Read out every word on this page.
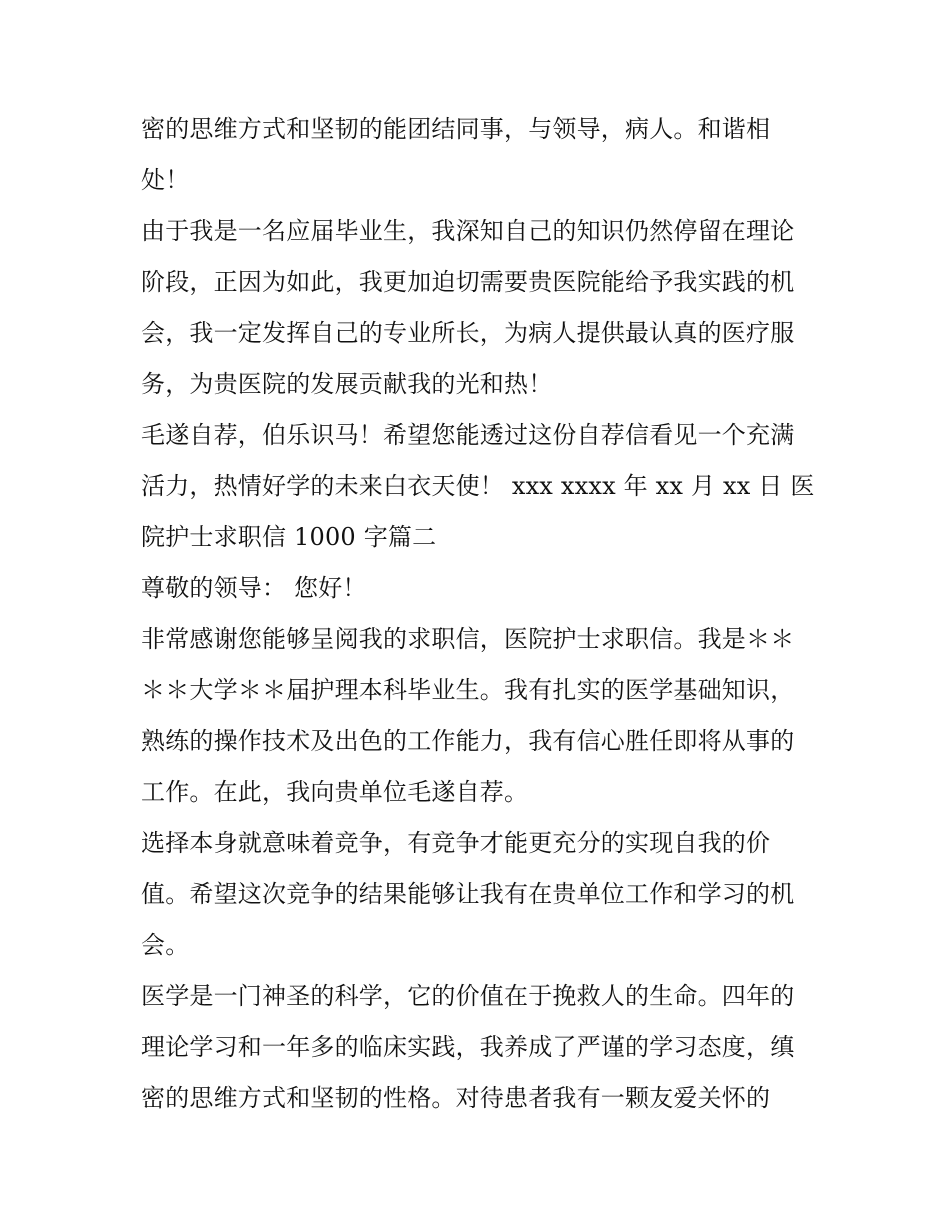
密的思维方式和坚韧的能团结同事，与领导，病人。和谐相
处！
由于我是一名应届毕业生，我深知自己的知识仍然停留在理论
阶段，正因为如此，我更加迫切需要贵医院能给予我实践的机
会，我一定发挥自己的专业所长，为病人提供最认真的医疗服
务，为贵医院的发展贡献我的光和热！
毛遂自荐，伯乐识马！希望您能透过这份自荐信看见一个充满
活力，热情好学的未来白衣天使！ xxx xxxx 年 xx 月 xx 日 医
院护士求职信 1000 字篇二
尊敬的领导： 您好！
非常感谢您能够呈阅我的求职信，医院护士求职信。我是＊＊
＊＊大学＊＊届护理本科毕业生。我有扎实的医学基础知识，
熟练的操作技术及出色的工作能力，我有信心胜任即将从事的
工作。在此，我向贵单位毛遂自荐。
选择本身就意味着竞争，有竞争才能更充分的实现自我的价
值。希望这次竞争的结果能够让我有在贵单位工作和学习的机
会。
医学是一门神圣的科学，它的价值在于挽救人的生命。四年的
理论学习和一年多的临床实践，我养成了严谨的学习态度，缜
密的思维方式和坚韧的性格。对待患者我有一颗友爱关怀的
